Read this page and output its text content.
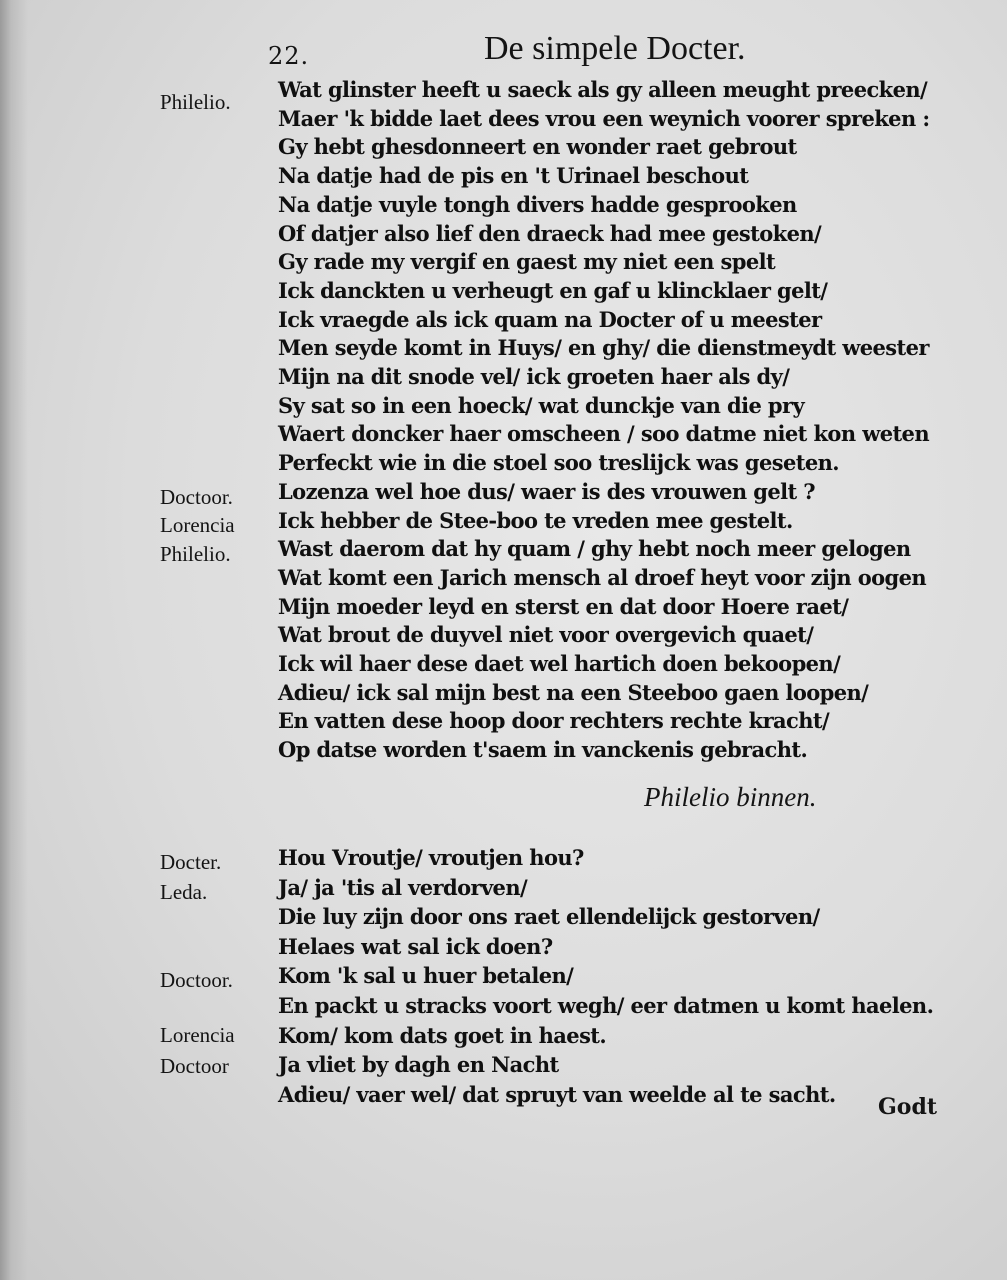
22.	De simpele Docter.
Philelio.
Doctoor.
Lorencia
Philelio.
Docter.
Leda.
Doctoor.
Lorencia
Doctoor
Wat glinster heeft u saeck als gy alleen meught preecken/
Maer 'k bidde laet dees vrou een weynich voorer spreken :
Gy hebt ghesdonneert en wonder raet gebrout
Na datje had de pis en 't Urinael beschout
Na datje vuyle tongh divers hadde gesprooken
Of datjer also lief den draeck had mee gestoken/
Gy rade my vergif en gaest my niet een spelt
Ick danckten u verheugt en gaf u klincklaer gelt/
Ick vraegde als ick quam na Docter of u meester
Men seyde komt in Huys/ en ghy/ die dienstmeydt weester
Mijn na dit snode vel/ ick groeten haer als dy/
Sy sat so in een hoeck/ wat dunckje van die pry
Waert doncker haer omscheen / soo datme niet kon weten
Perfeckt wie in die stoel soo treslijck was geseten.
Lozenza wel hoe dus/ waer is des vrouwen gelt ?
Ick hebber de Stee-boo te vreden mee gestelt.
Wast daerom dat hy quam / ghy hebt noch meer gelogen
Wat komt een Jarich mensch al droef heyt voor zijn oogen
Mijn moeder leyd en sterst en dat door Hoere raet/
Wat brout de duyvel niet voor overgevich quaet/
Ick wil haer dese daet wel hartich doen bekoopen/
Adieu/ ick sal mijn best na een Steeboo gaen loopen/
En vatten dese hoop door rechters rechte kracht/
Op datse worden t'saem in vanckenis gebracht.
Hou Vroutje/ vroutjen hou?
Ja/ ja 'tis al verdorven/
Die luy zijn door ons raet ellendelijck gestorven/
Helaes wat sal ick doen?
Kom 'k sal u huer betalen/
En packt u stracks voort wegh/ eer datmen u komt haelen.
Kom/ kom dats goet in haest.
Ja vliet by dagh en Nacht
Adieu/ vaer wel/ dat spruyt van weelde al te sacht.
Philelio binnen.
Godt
